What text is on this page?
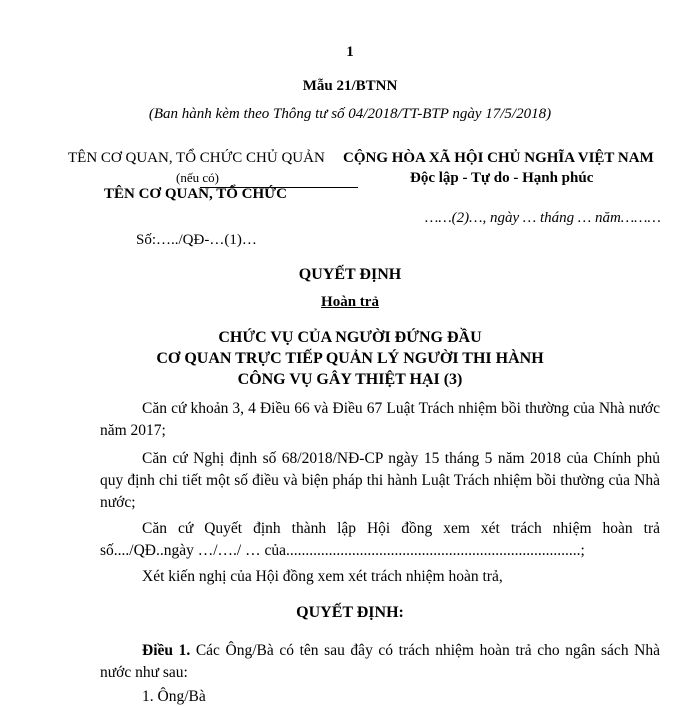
1
Mẫu 21/BTNN
(Ban hành kèm theo Thông tư số 04/2018/TT-BTP ngày 17/5/2018)
TÊN CƠ QUAN, TỔ CHỨC CHỦ QUẢN
(nếu có)
TÊN CƠ QUAN, TỔ CHỨC
CỘNG HÒA XÃ HỘI CHỦ NGHĨA VIỆT NAM
Độc lập - Tự do - Hạnh phúc
……(2)…, ngày … tháng … năm………
Số:…../QĐ-…(1)…
QUYẾT ĐỊNH
Hoàn trả
CHỨC VỤ CỦA NGƯỜI ĐỨNG ĐẦU
CƠ QUAN TRỰC TIẾP QUẢN LÝ NGƯỜI THI HÀNH
CÔNG VỤ GÂY THIỆT HẠI (3)
Căn cứ khoản 3, 4 Điều 66 và Điều 67 Luật Trách nhiệm bồi thường của Nhà nước năm 2017;
Căn cứ Nghị định số 68/2018/NĐ-CP ngày 15 tháng 5 năm 2018 của Chính phủ quy định chi tiết một số điều và biện pháp thi hành Luật Trách nhiệm bồi thường của Nhà nước;
Căn cứ Quyết định thành lập Hội đồng xem xét trách nhiệm hoàn trả số..../QĐ..ngày …/…./ … của............................................................................;
Xét kiến nghị của Hội đồng xem xét trách nhiệm hoàn trả,
QUYẾT ĐỊNH:
Điều 1. Các Ông/Bà có tên sau đây có trách nhiệm hoàn trả cho ngân sách Nhà nước như sau:
1. Ông/Bà
